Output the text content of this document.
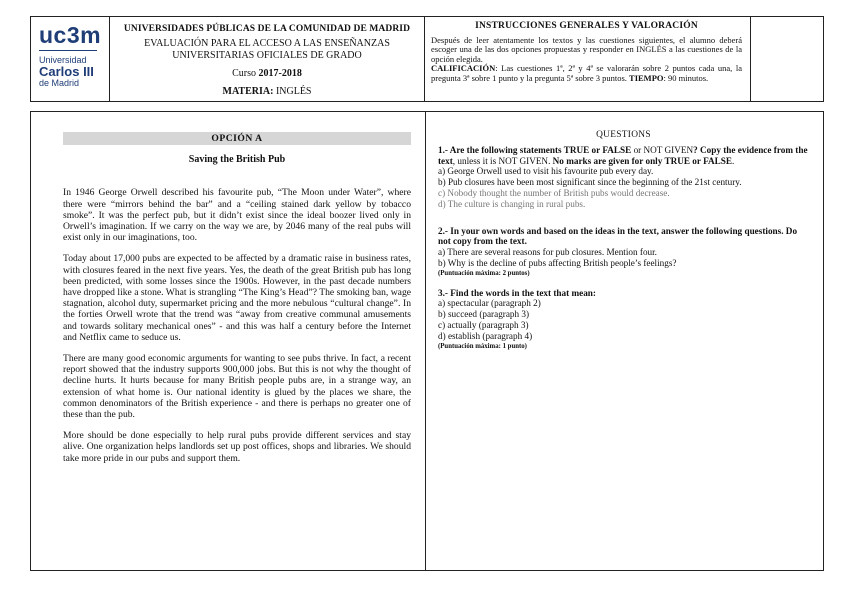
uc3m
Universidad
Carlos III
de Madrid
UNIVERSIDADES PÚBLICAS DE LA COMUNIDAD DE MADRID
EVALUACIÓN PARA EL ACCESO A LAS ENSEÑANZAS
UNIVERSITARIAS OFICIALES DE GRADO
Curso 2017-2018
MATERIA: INGLÉS
INSTRUCCIONES GENERALES Y VALORACIÓN

Después de leer atentamente los textos y las cuestiones siguientes, el alumno deberá escoger una de las dos opciones propuestas y responder en INGLÉS a las cuestiones de la opción elegida.

CALIFICACIÓN: Las cuestiones 1ª, 2ª y 4ª se valorarán sobre 2 puntos cada una, la pregunta 3ª sobre 1 punto y la pregunta 5ª sobre 3 puntos. TIEMPO: 90 minutos.

OPCIÓN A
Saving the British Pub

In 1946 George Orwell described his favourite pub, “The Moon under Water”, where there were “mirrors behind the bar” and a “ceiling stained dark yellow by tobacco smoke”. It was the perfect pub, but it didn’t exist since the ideal boozer lived only in Orwell’s imagination. If we carry on the way we are, by 2046 many of the real pubs will exist only in our imaginations, too.

Today about 17,000 pubs are expected to be affected by a dramatic raise in business rates, with closures feared in the next five years. Yes, the death of the great British pub has long been predicted, with some losses since the 1900s. However, in the past decade numbers have dropped like a stone. What is strangling “The King’s Head”? The smoking ban, wage stagnation, alcohol duty, supermarket pricing and the more nebulous “cultural change”. In the forties Orwell wrote that the trend was “away from creative communal amusements and towards solitary mechanical ones” - and this was half a century before the Internet and Netflix came to seduce us.

There are many good economic arguments for wanting to see pubs thrive. In fact, a recent report showed that the industry supports 900,000 jobs. But this is not why the thought of decline hurts. It hurts because for many British people pubs are, in a strange way, an extension of what home is. Our national identity is glued by the places we share, the common denominators of the British experience - and there is perhaps no greater one of these than the pub.

More should be done especially to help rural pubs provide different services and stay alive. One organization helps landlords set up post offices, shops and libraries. We should take more pride in our pubs and support them.

QUESTIONS
1.- Are the following statements TRUE or FALSE or NOT GIVEN? Copy the evidence from the text, unless it is NOT GIVEN. No marks are given for only TRUE or FALSE.
a) George Orwell used to visit his favourite pub every day.
b) Pub closures have been most significant since the beginning of the 21st century.
c) Nobody thought the number of British pubs would decrease.
d) The culture is changing in rural pubs.
2.- In your own words and based on the ideas in the text, answer the following questions. Do not copy from the text.
a) There are several reasons for pub closures. Mention four.
b) Why is the decline of pubs affecting British people’s feelings?
(Puntuación máxima: 2 puntos)
3.- Find the words in the text that mean:
a) spectacular (paragraph 2)
b) succeed (paragraph 3)
c) actually (paragraph 3)
d) establish (paragraph 4)
(Puntuación máxima: 1 punto)
